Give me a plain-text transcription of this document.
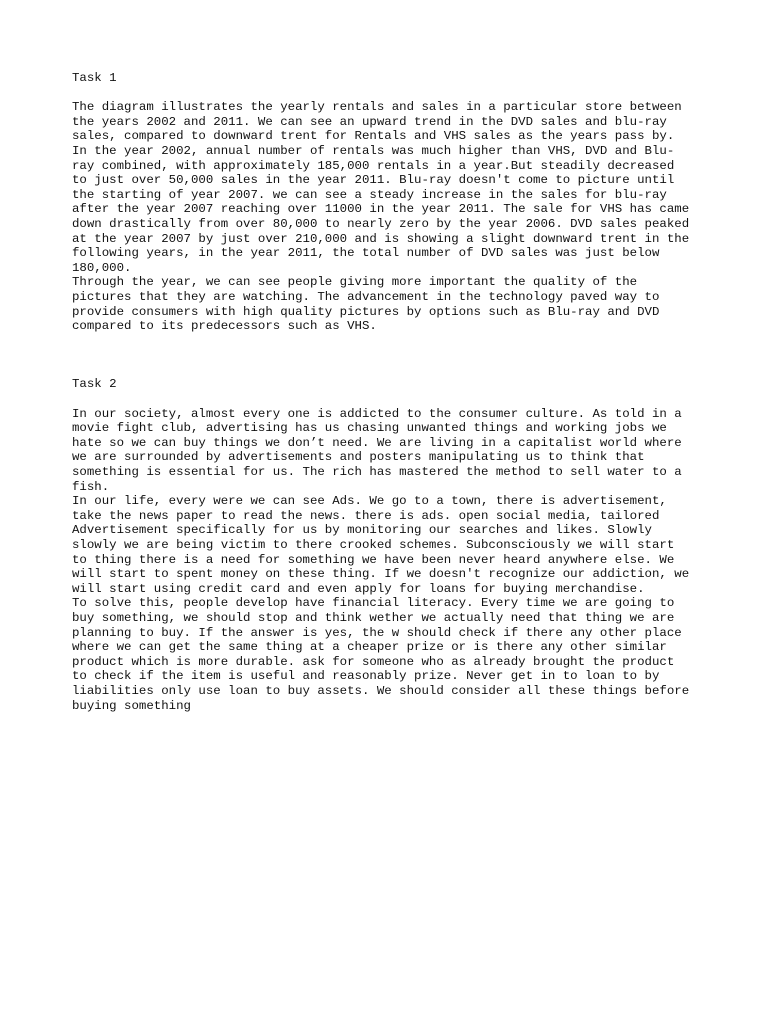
Task 1
The diagram illustrates the yearly rentals and sales in a particular store between
the years 2002 and 2011. We can see an upward trend in the DVD sales and blu-ray
sales, compared to downward trent for Rentals and VHS sales as the years pass by.
In the year 2002, annual number of rentals was much higher than VHS, DVD and Blu-
ray combined, with approximately 185,000 rentals in a year.But steadily decreased
to just over 50,000 sales in the year 2011. Blu-ray doesn't come to picture until
the starting of year 2007. we can see a steady increase in the sales for blu-ray
after the year 2007 reaching over 11000 in the year 2011. The sale for VHS has came
down drastically from over 80,000 to nearly zero by the year 2006. DVD sales peaked
at the year 2007 by just over 210,000 and is showing a slight downward trent in the
following years, in the year 2011, the total number of DVD sales was just below
180,000.
Through the year, we can see people giving more important the quality of the
pictures that they are watching. The advancement in the technology paved way to
provide consumers with high quality pictures by options such as Blu-ray and DVD
compared to its predecessors such as VHS.
Task 2
In our society, almost every one is addicted to the consumer culture. As told in a
movie fight club, advertising has us chasing unwanted things and working jobs we
hate so we can buy things we don’t need. We are living in a capitalist world where
we are surrounded by advertisements and posters manipulating us to think that
something is essential for us. The rich has mastered the method to sell water to a
fish.
In our life, every were we can see Ads. We go to a town, there is advertisement,
take the news paper to read the news. there is ads. open social media, tailored
Advertisement specifically for us by monitoring our searches and likes. Slowly
slowly we are being victim to there crooked schemes. Subconsciously we will start
to thing there is a need for something we have been never heard anywhere else. We
will start to spent money on these thing. If we doesn't recognize our addiction, we
will start using credit card and even apply for loans for buying merchandise.
To solve this, people develop have financial literacy. Every time we are going to
buy something, we should stop and think wether we actually need that thing we are
planning to buy. If the answer is yes, the w should check if there any other place
where we can get the same thing at a cheaper prize or is there any other similar
product which is more durable. ask for someone who as already brought the product
to check if the item is useful and reasonably prize. Never get in to loan to by
liabilities only use loan to buy assets. We should consider all these things before
buying something
